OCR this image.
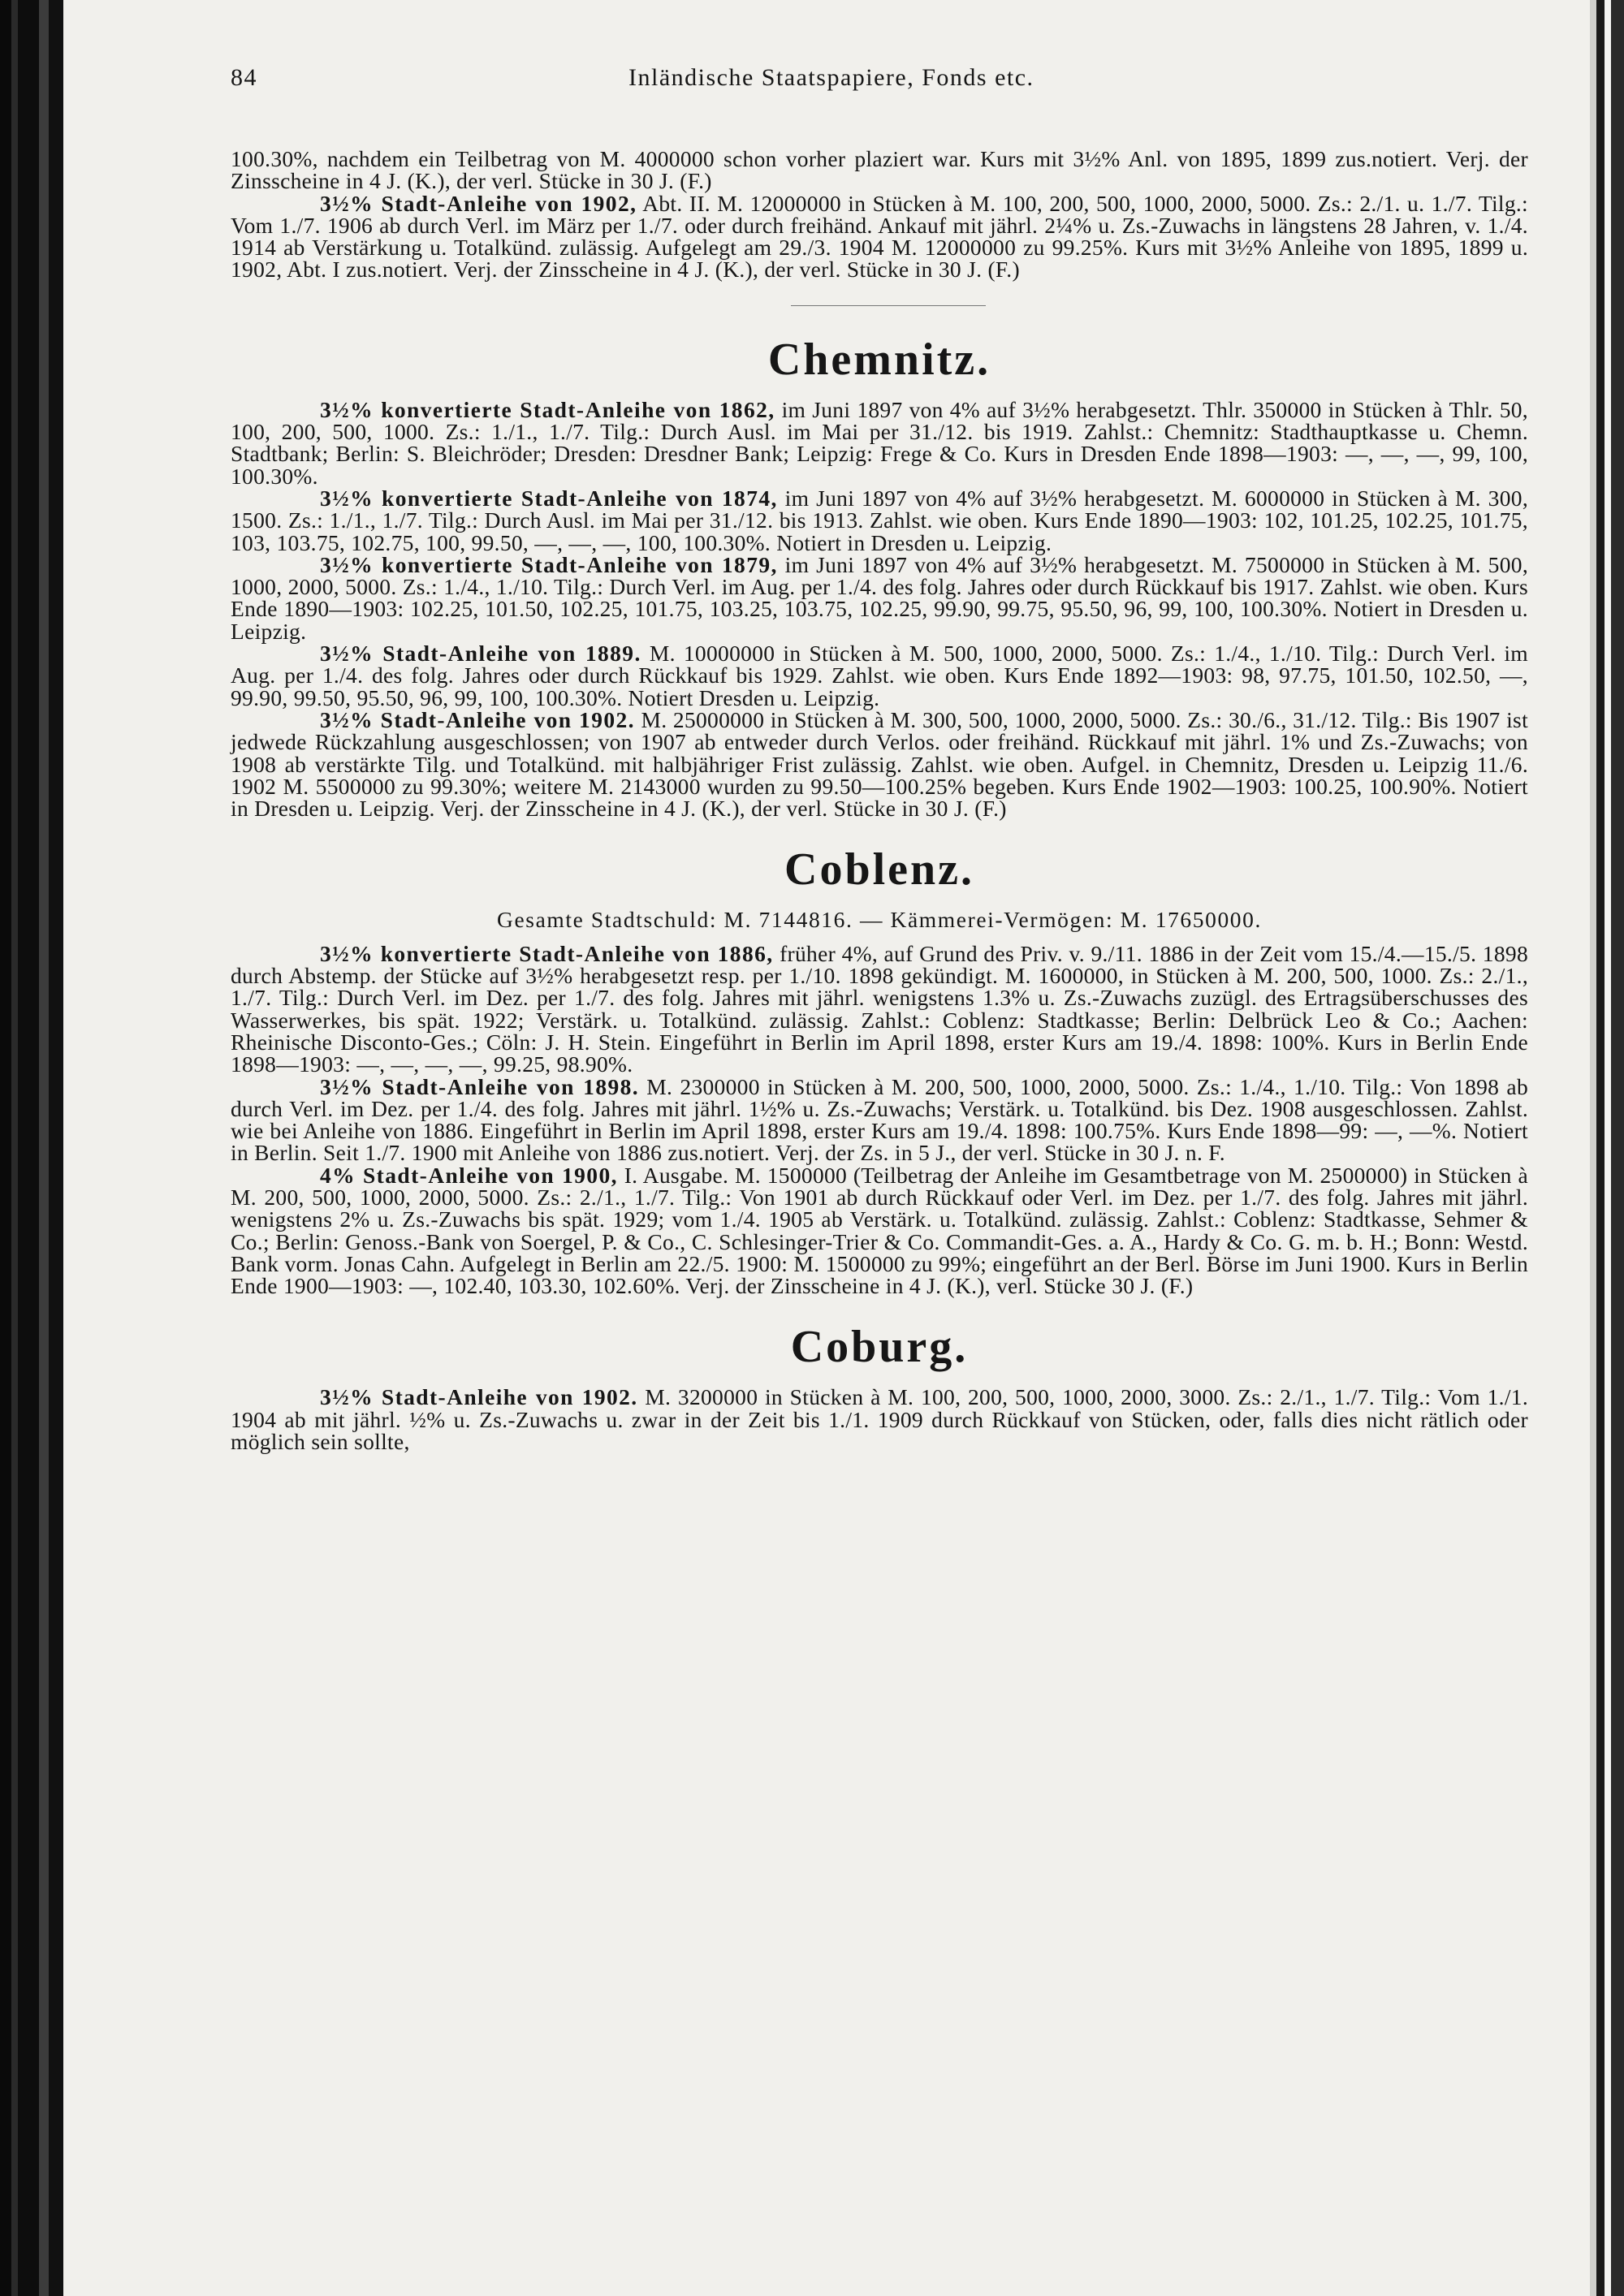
84	Inländische Staatspapiere, Fonds etc.

100.30%, nachdem ein Teilbetrag von M. 4000000 schon vorher plaziert war. Kurs mit 3½% Anl. von 1895, 1899 zus.notiert. Verj. der Zinsscheine in 4 J. (K.), der verl. Stücke in 30 J. (F.)

3½% Stadt-Anleihe von 1902, Abt. II. M. 12000000 in Stücken à M. 100, 200, 500, 1000, 2000, 5000. Zs.: 2./1. u. 1./7. Tilg.: Vom 1./7. 1906 ab durch Verl. im März per 1./7. oder durch freihänd. Ankauf mit jährl. 2¼% u. Zs.-Zuwachs in längstens 28 Jahren, v. 1./4. 1914 ab Verstärkung u. Totalkünd. zulässig. Aufgelegt am 29./3. 1904 M. 12000000 zu 99.25%. Kurs mit 3½% Anleihe von 1895, 1899 u. 1902, Abt. I zus.notiert. Verj. der Zinsscheine in 4 J. (K.), der verl. Stücke in 30 J. (F.)

Chemnitz.

3½% konvertierte Stadt-Anleihe von 1862, im Juni 1897 von 4% auf 3½% herabgesetzt. Thlr. 350000 in Stücken à Thlr. 50, 100, 200, 500, 1000. Zs.: 1./1., 1./7. Tilg.: Durch Ausl. im Mai per 31./12. bis 1919. Zahlst.: Chemnitz: Stadthauptkasse u. Chemn. Stadtbank; Berlin: S. Bleichröder; Dresden: Dresdner Bank; Leipzig: Frege & Co. Kurs in Dresden Ende 1898—1903: —, —, —, 99, 100, 100.30%.

3½% konvertierte Stadt-Anleihe von 1874, im Juni 1897 von 4% auf 3½% herabgesetzt. M. 6000000 in Stücken à M. 300, 1500. Zs.: 1./1., 1./7. Tilg.: Durch Ausl. im Mai per 31./12. bis 1913. Zahlst. wie oben. Kurs Ende 1890—1903: 102, 101.25, 102.25, 101.75, 103, 103.75, 102.75, 100, 99.50, —, —, —, 100, 100.30%. Notiert in Dresden u. Leipzig.

3½% konvertierte Stadt-Anleihe von 1879, im Juni 1897 von 4% auf 3½% herabgesetzt. M. 7500000 in Stücken à M. 500, 1000, 2000, 5000. Zs.: 1./4., 1./10. Tilg.: Durch Verl. im Aug. per 1./4. des folg. Jahres oder durch Rückkauf bis 1917. Zahlst. wie oben. Kurs Ende 1890—1903: 102.25, 101.50, 102.25, 101.75, 103.25, 103.75, 102.25, 99.90, 99.75, 95.50, 96, 99, 100, 100.30%. Notiert in Dresden u. Leipzig.

3½% Stadt-Anleihe von 1889. M. 10000000 in Stücken à M. 500, 1000, 2000, 5000. Zs.: 1./4., 1./10. Tilg.: Durch Verl. im Aug. per 1./4. des folg. Jahres oder durch Rückkauf bis 1929. Zahlst. wie oben. Kurs Ende 1892—1903: 98, 97.75, 101.50, 102.50, —, 99.90, 99.50, 95.50, 96, 99, 100, 100.30%. Notiert Dresden u. Leipzig.

3½% Stadt-Anleihe von 1902. M. 25000000 in Stücken à M. 300, 500, 1000, 2000, 5000. Zs.: 30./6., 31./12. Tilg.: Bis 1907 ist jedwede Rückzahlung ausgeschlossen; von 1907 ab entweder durch Verlos. oder freihänd. Rückkauf mit jährl. 1% und Zs.-Zuwachs; von 1908 ab verstärkte Tilg. und Totalkünd. mit halbjähriger Frist zulässig. Zahlst. wie oben. Aufgel. in Chemnitz, Dresden u. Leipzig 11./6. 1902 M. 5500000 zu 99.30%; weitere M. 2143000 wurden zu 99.50—100.25% begeben. Kurs Ende 1902—1903: 100.25, 100.90%. Notiert in Dresden u. Leipzig. Verj. der Zinsscheine in 4 J. (K.), der verl. Stücke in 30 J. (F.)

Coblenz.
Gesamte Stadtschuld: M. 7144816. — Kämmerei-Vermögen: M. 17650000.

3½% konvertierte Stadt-Anleihe von 1886, früher 4%, auf Grund des Priv. v. 9./11. 1886 in der Zeit vom 15./4.—15./5. 1898 durch Abstemp. der Stücke auf 3½% herabgesetzt resp. per 1./10. 1898 gekündigt. M. 1600000, in Stücken à M. 200, 500, 1000. Zs.: 2./1., 1./7. Tilg.: Durch Verl. im Dez. per 1./7. des folg. Jahres mit jährl. wenigstens 1.3% u. Zs.-Zuwachs zuzügl. des Ertragsüberschusses des Wasserwerkes, bis spät. 1922; Verstärk. u. Totalkünd. zulässig. Zahlst.: Coblenz: Stadtkasse; Berlin: Delbrück Leo & Co.; Aachen: Rheinische Disconto-Ges.; Cöln: J. H. Stein. Eingeführt in Berlin im April 1898, erster Kurs am 19./4. 1898: 100%. Kurs in Berlin Ende 1898—1903: —, —, —, —, 99.25, 98.90%.

3½% Stadt-Anleihe von 1898. M. 2300000 in Stücken à M. 200, 500, 1000, 2000, 5000. Zs.: 1./4., 1./10. Tilg.: Von 1898 ab durch Verl. im Dez. per 1./4. des folg. Jahres mit jährl. 1½% u. Zs.-Zuwachs; Verstärk. u. Totalkünd. bis Dez. 1908 ausgeschlossen. Zahlst. wie bei Anleihe von 1886. Eingeführt in Berlin im April 1898, erster Kurs am 19./4. 1898: 100.75%. Kurs Ende 1898—99: —, —%. Notiert in Berlin. Seit 1./7. 1900 mit Anleihe von 1886 zus.notiert. Verj. der Zs. in 5 J., der verl. Stücke in 30 J. n. F.

4% Stadt-Anleihe von 1900, I. Ausgabe. M. 1500000 (Teilbetrag der Anleihe im Gesamtbetrage von M. 2500000) in Stücken à M. 200, 500, 1000, 2000, 5000. Zs.: 2./1., 1./7. Tilg.: Von 1901 ab durch Rückkauf oder Verl. im Dez. per 1./7. des folg. Jahres mit jährl. wenigstens 2% u. Zs.-Zuwachs bis spät. 1929; vom 1./4. 1905 ab Verstärk. u. Totalkünd. zulässig. Zahlst.: Coblenz: Stadtkasse, Sehmer & Co.; Berlin: Genoss.-Bank von Soergel, P. & Co., C. Schlesinger-Trier & Co. Commandit-Ges. a. A., Hardy & Co. G. m. b. H.; Bonn: Westd. Bank vorm. Jonas Cahn. Aufgelegt in Berlin am 22./5. 1900: M. 1500000 zu 99%; eingeführt an der Berl. Börse im Juni 1900. Kurs in Berlin Ende 1900—1903: —, 102.40, 103.30, 102.60%. Verj. der Zinsscheine in 4 J. (K.), verl. Stücke 30 J. (F.)

Coburg.

3½% Stadt-Anleihe von 1902. M. 3200000 in Stücken à M. 100, 200, 500, 1000, 2000, 3000. Zs.: 2./1., 1./7. Tilg.: Vom 1./1. 1904 ab mit jährl. ½% u. Zs.-Zuwachs u. zwar in der Zeit bis 1./1. 1909 durch Rückkauf von Stücken, oder, falls dies nicht rätlich oder möglich sein sollte,
